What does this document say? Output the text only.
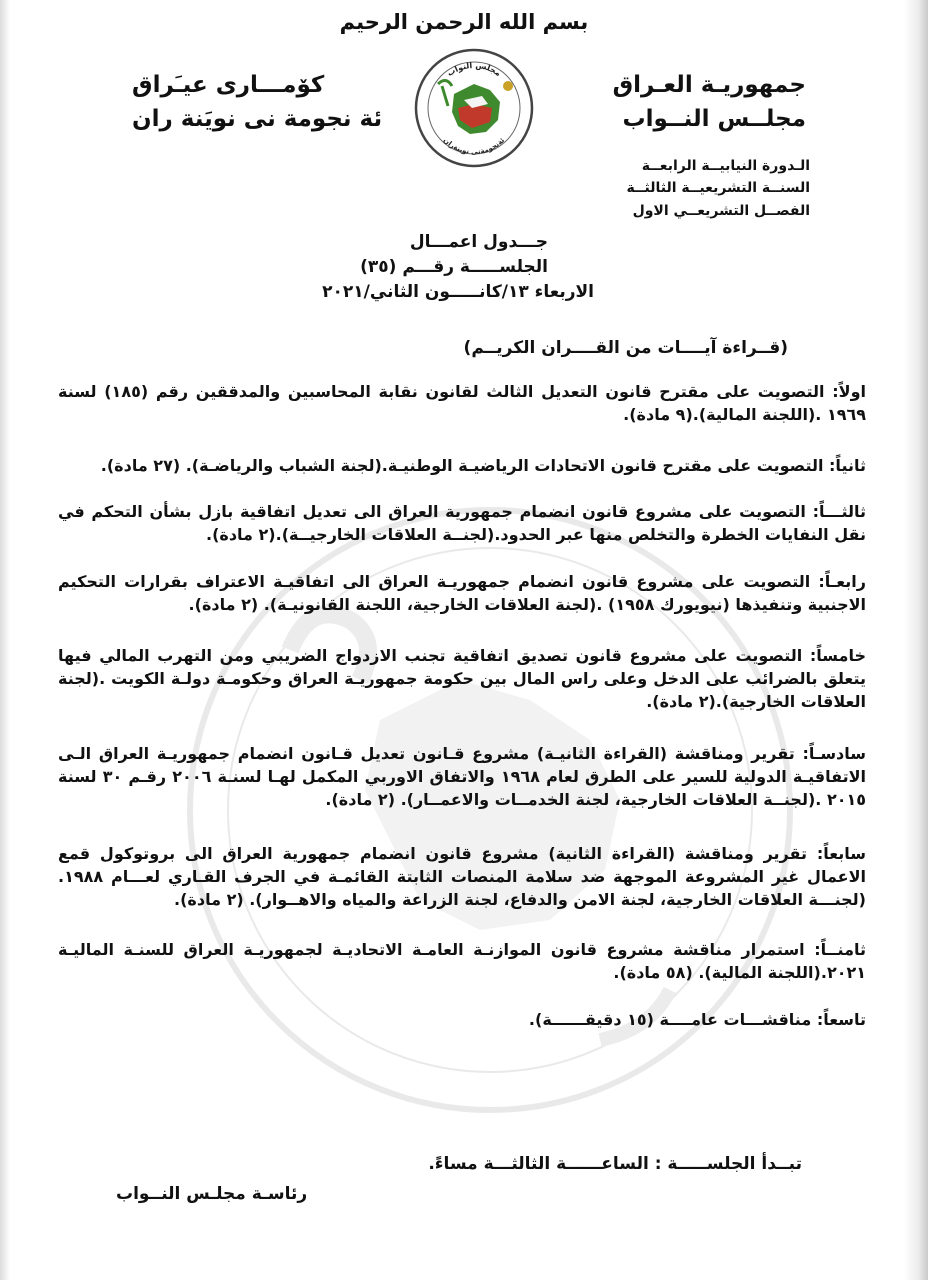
بسم الله الرحمن الرحيم
جمهوريـة العـراق
مجلــس النــواب
كۆمـــارى عيـَراق
ئة نجومة نى نويَنة ران
مجلس النواب
ئةنجومةنى نوينةران
الـدورة النيابيــة الرابعــة
السنــة التشريعيــة الثالثــة
الفصــل التشريعــي الاول
جـــدول اعمـــال
الجلســـــة رقـــم (٣٥)
الاربعاء ١٣/كانـــــون الثاني/٢٠٢١
(قــراءة آيــــات من القــــران الكريــم)
اولاً: التصويت على مقترح قانون التعديل الثالث لقانون نقابة المحاسبين والمدققين رقم (١٨٥) لسنة ١٩٦٩ .(اللجنة المالية).(٩ مادة).
ثانياً: التصويت على مقترح قانون الاتحادات الرياضيـة الوطنيـة.(لجنة الشباب والرياضـة). (٢٧ مادة).
ثالثـــاً: التصويت على مشروع قانون انضمام جمهورية العراق الى تعديل اتفاقية بازل بشأن التحكم في نقل النفايات الخطرة والتخلص منها عبر الحدود.(لجنــة العلاقات الخارجيــة).(٢ مادة).
رابعـاً: التصويت على مشروع قانون انضمام جمهوريـة العراق الى اتفاقيـة الاعتراف بقرارات التحكيم الاجنبية وتنفيذها (نيويورك ١٩٥٨) .(لجنة العلاقات الخارجية، اللجنة القانونيـة). (٢ مادة).
خامساً: التصويت على مشروع قانون تصديق اتفاقية تجنب الازدواج الضريبي ومن التهرب المالي فيها يتعلق بالضرائب على الدخل وعلى راس المال بين حكومة جمهوريـة العراق وحكومـة دولـة الكويت .(لجنة العلاقات الخارجية).(٢ مادة).
سادسـاً: تقرير ومناقشة (القراءة الثانيـة) مشروع قـانون تعديل قـانون انضمام جمهوريـة العراق الـى الاتفاقيـة الدولية للسير على الطرق لعام ١٩٦٨ والاتفاق الاوربي المكمل لهـا لسنـة ٢٠٠٦ رقـم ٣٠ لسنة ٢٠١٥ .(لجنــة العلاقات الخارجية، لجنة الخدمــات والاعمــار). (٢ مادة).
سابعاً: تقرير ومناقشة (القراءة الثانية) مشروع قانون انضمام جمهورية العراق الى بروتوكول قمع الاعمال غير المشروعة الموجهة ضد سلامة المنصات الثابتة القائمـة في الجرف القـاري لعـــام ١٩٨٨. (لجنـــة العلاقات الخارجية، لجنة الامن والدفاع، لجنة الزراعة والمياه والاهــوار). (٢ مادة).
ثامنــاً: استمرار مناقشة مشروع قانون الموازنـة العامـة الاتحاديـة لجمهوريـة العراق للسنـة الماليـة ٢٠٢١.(اللجنة المالية). (٥٨ مادة).
تاسعاً: مناقشـــات عامــــة (١٥ دقيقــــــة).
تبــدأ الجلســـــة : الساعــــــة الثالثـــة مساءً.
رئاسـة مجلـس النــواب
